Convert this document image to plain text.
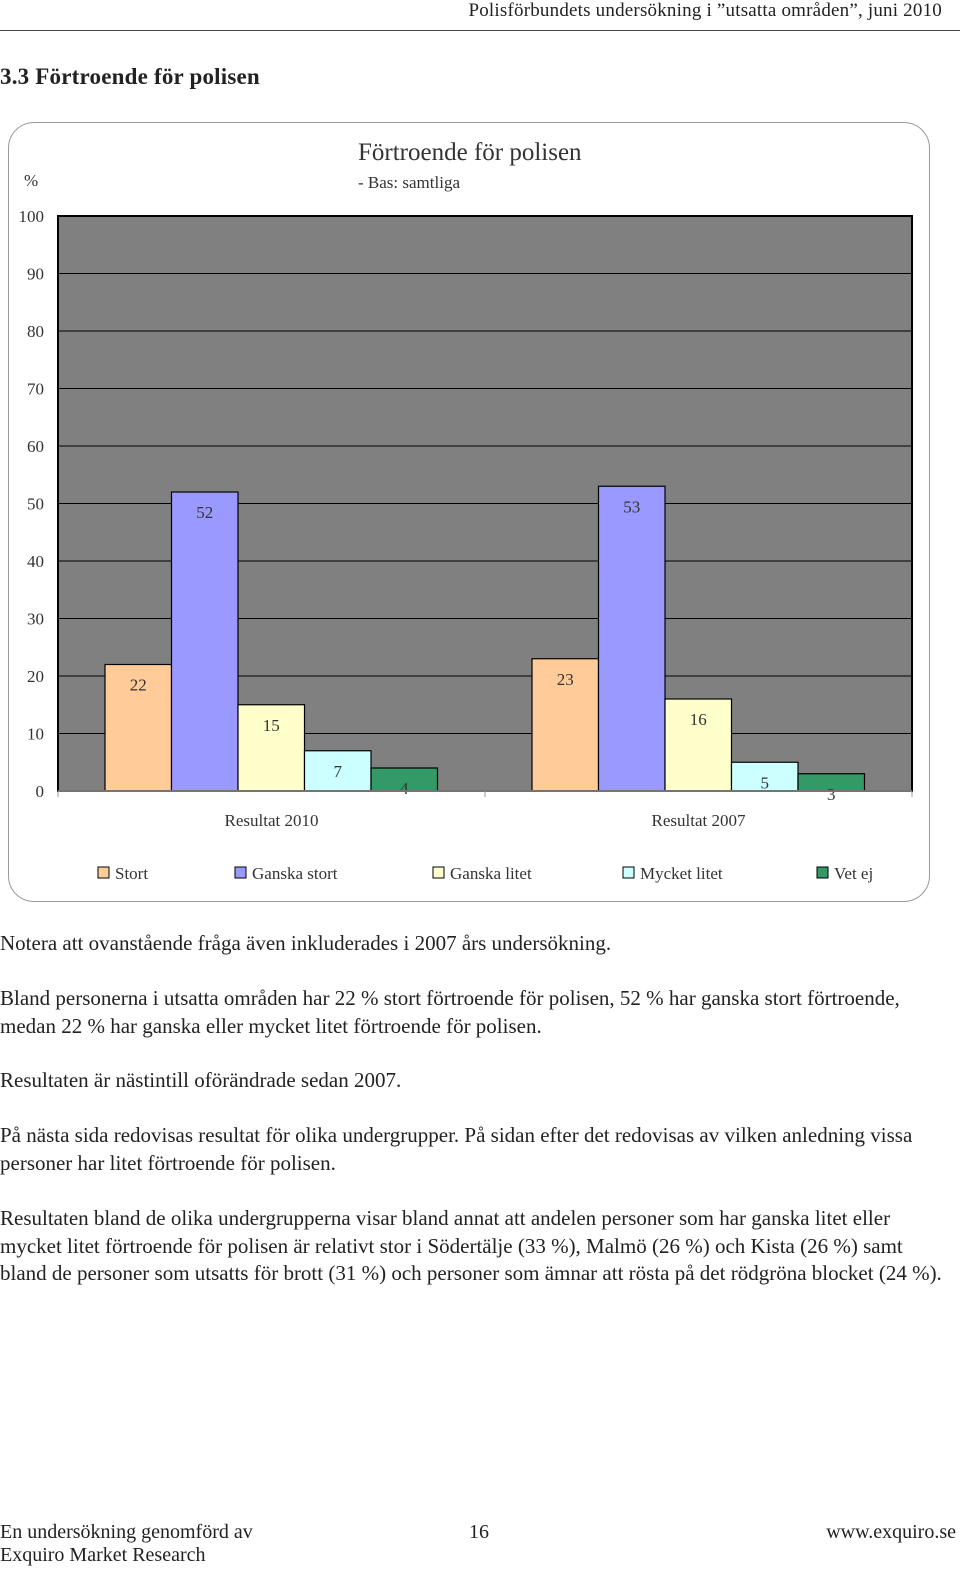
Polisförbundets undersökning i ”utsatta områden”, juni 2010
3.3 Förtroende för polisen
%
Förtroende för polisen
- Bas: samtliga
0
10
20
30
40
50
60
70
80
90
100
22
52
15
7
4
Resultat 2010
23
53
16
5
3
Resultat 2007
Stort	Ganska stort	Ganska litet	Mycket litet	Vet ej

Notera att ovanstående fråga även inkluderades i 2007 års undersökning.

Bland personerna i utsatta områden har 22 % stort förtroende för polisen, 52 % har ganska stort förtroende, medan 22 % har ganska eller mycket litet förtroende för polisen.

Resultaten är nästintill oförändrade sedan 2007.

På nästa sida redovisas resultat för olika undergrupper. På sidan efter det redovisas av vilken anledning vissa personer har litet förtroende för polisen.

Resultaten bland de olika undergrupperna visar bland annat att andelen personer som har ganska litet eller mycket litet förtroende för polisen är relativt stor i Södertälje (33 %), Malmö (26 %) och Kista (26 %) samt bland de personer som utsatts för brott (31 %) och personer som ämnar att rösta på det rödgröna blocket (24 %).

En undersökning genomförd av
Exquiro Market Research
16	www.exquiro.se
